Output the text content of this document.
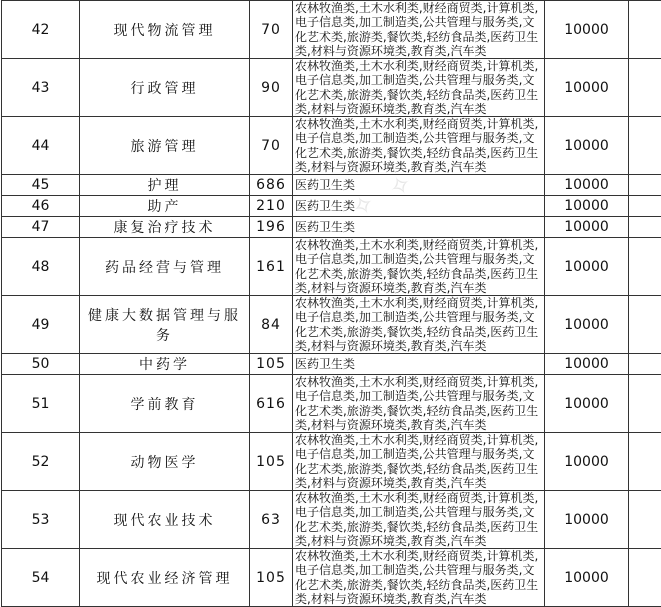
42	现代物流管理	70	农林牧渔类,土木水利类,财经商贸类,计算机类,电子信息类,加工制造类,公共管理与服务类,文化艺术类,旅游类,餐饮类,轻纺食品类,医药卫生类,材料与资源环境类,教育类,汽车类	10000	
43	行政管理	90	农林牧渔类,土木水利类,财经商贸类,计算机类,电子信息类,加工制造类,公共管理与服务类,文化艺术类,旅游类,餐饮类,轻纺食品类,医药卫生类,材料与资源环境类,教育类,汽车类	10000	
44	旅游管理	70	农林牧渔类,土木水利类,财经商贸类,计算机类,电子信息类,加工制造类,公共管理与服务类,文化艺术类,旅游类,餐饮类,轻纺食品类,医药卫生类,材料与资源环境类,教育类,汽车类	10000	
45	护理	686	医药卫生类	10000	
46	助产	210	医药卫生类	10000	
47	康复治疗技术	196	医药卫生类	10000	
48	药品经营与管理	161	农林牧渔类,土木水利类,财经商贸类,计算机类,电子信息类,加工制造类,公共管理与服务类,文化艺术类,旅游类,餐饮类,轻纺食品类,医药卫生类,材料与资源环境类,教育类,汽车类	10000	
49	健康大数据管理与服务	84	农林牧渔类,土木水利类,财经商贸类,计算机类,电子信息类,加工制造类,公共管理与服务类,文化艺术类,旅游类,餐饮类,轻纺食品类,医药卫生类,材料与资源环境类,教育类,汽车类	10000	
50	中药学	105	医药卫生类	10000	
51	学前教育	616	农林牧渔类,土木水利类,财经商贸类,计算机类,电子信息类,加工制造类,公共管理与服务类,文化艺术类,旅游类,餐饮类,轻纺食品类,医药卫生类,材料与资源环境类,教育类,汽车类	10000	
52	动物医学	105	农林牧渔类,土木水利类,财经商贸类,计算机类,电子信息类,加工制造类,公共管理与服务类,文化艺术类,旅游类,餐饮类,轻纺食品类,医药卫生类,材料与资源环境类,教育类,汽车类	10000	
53	现代农业技术	63	农林牧渔类,土木水利类,财经商贸类,计算机类,电子信息类,加工制造类,公共管理与服务类,文化艺术类,旅游类,餐饮类,轻纺食品类,医药卫生类,材料与资源环境类,教育类,汽车类	10000	
54	现代农业经济管理	105	农林牧渔类,土木水利类,财经商贸类,计算机类,电子信息类,加工制造类,公共管理与服务类,文化艺术类,旅游类,餐饮类,轻纺食品类,医药卫生类,材料与资源环境类,教育类,汽车类	10000	
✧ ✧
